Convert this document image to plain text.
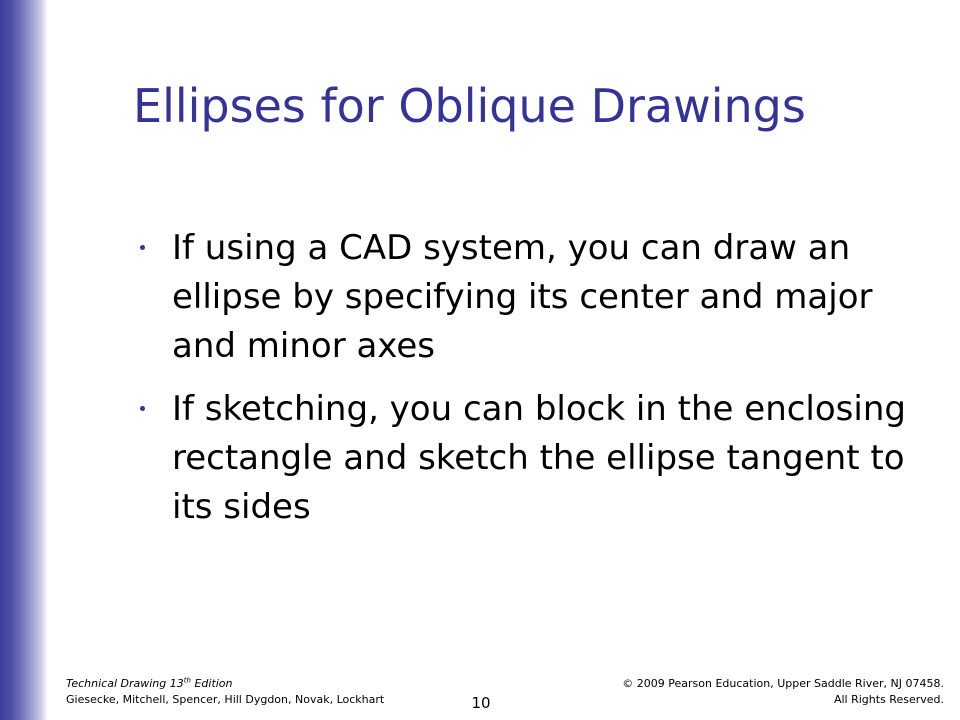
Ellipses for Oblique Drawings
If using a CAD system, you can draw an ellipse by specifying its center and major and minor axes
If sketching, you can block in the enclosing rectangle and sketch the ellipse tangent to its sides
Technical Drawing 13th Edition
Giesecke, Mitchell, Spencer, Hill Dygdon, Novak, Lockhart	10
© 2009 Pearson Education, Upper Saddle River, NJ 07458.
All Rights Reserved.
